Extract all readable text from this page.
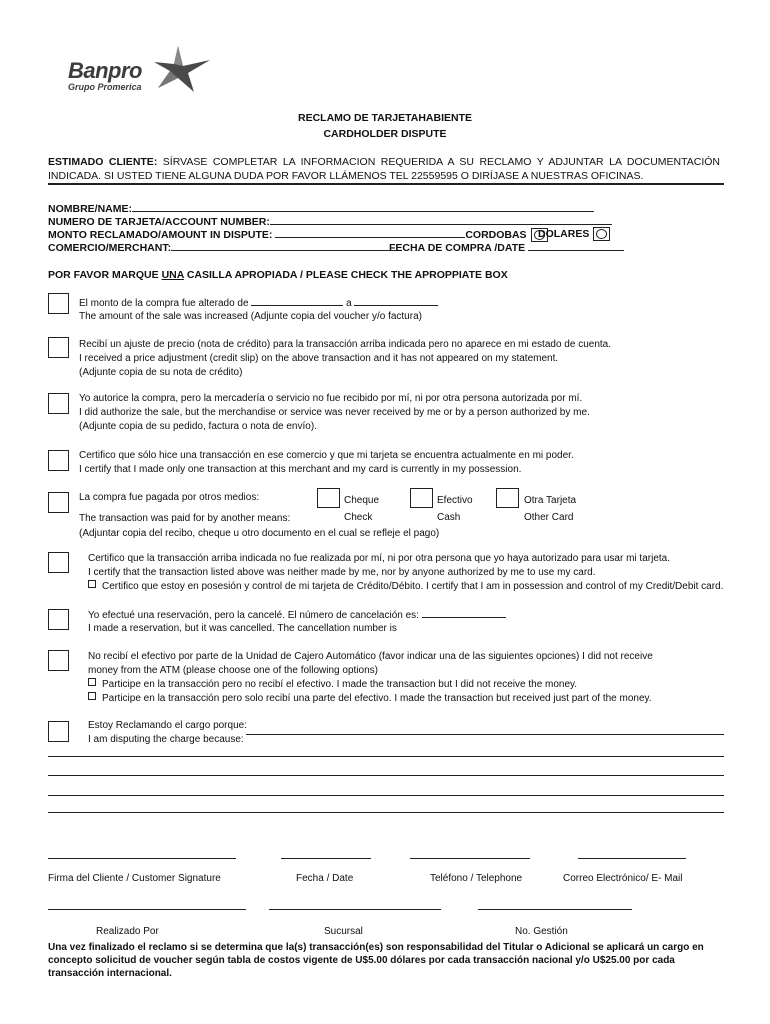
Banpro
Grupo Promerica
RECLAMO DE TARJETAHABIENTE
CARDHOLDER DISPUTE
ESTIMADO CLIENTE: SÍRVASE COMPLETAR LA INFORMACION REQUERIDA A SU RECLAMO Y ADJUNTAR LA DOCUMENTACIÓN INDICADA. SI USTED TIENE ALGUNA DUDA POR FAVOR LLÁMENOS TEL 22559595 O DIRÍJASE A NUESTRAS OFICINAS.
NOMBRE/NAME:
NUMERO DE TARJETA/ACCOUNT NUMBER:
MONTO RECLAMADO/AMOUNT IN DISPUTE:	CORDOBAS	DOLARES
COMERCIO/MERCHANT:	FECHA DE COMPRA /DATE
POR FAVOR MARQUE UNA CASILLA APROPIADA / PLEASE CHECK THE APROPPIATE BOX
El monto de la compra fue alterado de	a
The amount of the sale was increased (Adjunte copia del voucher y/o factura)
Recibí un ajuste de precio (nota de crédito) para la transacción arriba indicada pero no aparece en mi estado de cuenta.
I received a price adjustment (credit slip) on the above transaction and it has not appeared on my statement.
(Adjunte copia de su nota de crédito)
Yo autorice la compra, pero la mercadería o servicio no fue recibido por mí, ni por otra persona autorizada por mí.
I did authorize the sale, but the merchandise or service was never received by me or by a person authorized by me.
(Adjunte copia de su pedido, factura o nota de envío).
Certifico que sólo hice una transacción en ese comercio y que mi tarjeta se encuentra actualmente en mi poder.
I certify that I made only one transaction at this merchant and my card is currently in my possession.
La compra fue pagada por otros medios:
The transaction was paid for by another means:
(Adjuntar copia del recibo, cheque u otro documento en el cual se refleje el pago)
Cheque
Check
Efectivo
Cash
Otra Tarjeta
Other Card
Certifico que la transacción arriba indicada no fue realizada por mí, ni por otra persona que yo haya autorizado para usar mi tarjeta.
I certify that the transaction listed above was neither made by me, nor by anyone authorized by me to use my card.
Certifico que estoy en posesión y control de mi tarjeta de Crédito/Débito. I certify that I am in possession and control of my Credit/Debit card.
Yo efectué una reservación, pero la cancelé. El número de cancelación es:
I made a reservation, but it was cancelled. The cancellation number is
No recibí el efectivo por parte de la Unidad de Cajero Automático (favor indicar una de las siguientes opciones) I did not receive
money from the ATM (please choose one of the following options)
Participe en la transacción pero no recibí el efectivo. I made the transaction but I did not receive the money.
Participe en la transacción pero solo recibí una parte del efectivo. I made the transaction but received just part of the money.
Estoy Reclamando el cargo porque:
I am disputing the charge because:
Firma del Cliente / Customer Signature	Fecha / Date	Teléfono / Telephone	Correo Electrónico/ E- Mail
Realizado Por	Sucursal	No. Gestión
Una vez finalizado el reclamo si se determina que la(s) transacción(es) son responsabilidad del Titular o Adicional se aplicará un cargo en concepto solicitud de voucher según tabla de costos vigente de U$5.00 dólares por cada transacción nacional y/o U$25.00 por cada transacción internacional.
